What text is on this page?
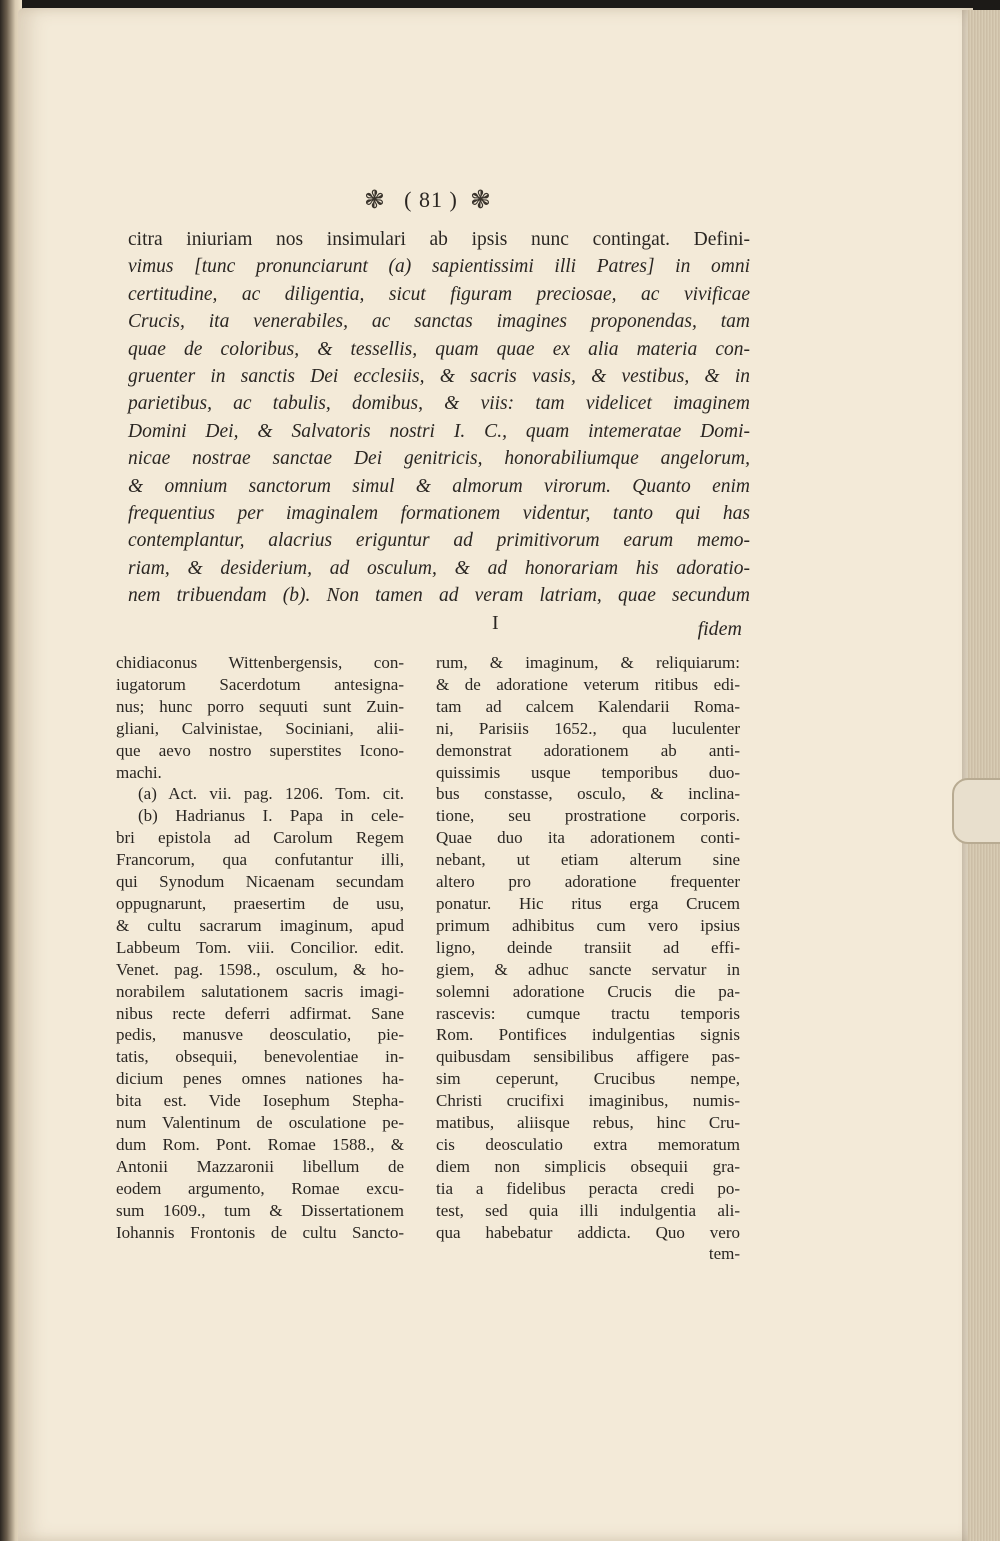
❃ ( 81 ) ❃
citra iniuriam nos insimulari ab ipsis nunc contingat. Defini-
vimus [tunc pronunciarunt (a) sapientissimi illi Patres] in omni
certitudine, ac diligentia, sicut figuram preciosae, ac vivificae
Crucis, ita venerabiles, ac sanctas imagines proponendas, tam
quae de coloribus, & tessellis, quam quae ex alia materia con-
gruenter in sanctis Dei ecclesiis, & sacris vasis, & vestibus, & in
parietibus, ac tabulis, domibus, & viis: tam videlicet imaginem
Domini Dei, & Salvatoris nostri I. C., quam intemeratae Domi-
nicae nostrae sanctae Dei genitricis, honorabiliumque angelorum,
& omnium sanctorum simul & almorum virorum. Quanto enim
frequentius per imaginalem formationem videntur, tanto qui has
contemplantur, alacrius eriguntur ad primitivorum earum memo-
riam, & desiderium, ad osculum, & ad honorariam his adoratio-
nem tribuendam (b). Non tamen ad veram latriam, quae secundum
I	fidem
chidiaconus Wittenbergensis, con-
iugatorum Sacerdotum antesigna-
nus; hunc porro sequuti sunt Zuin-
gliani, Calvinistae, Sociniani, alii-
que aevo nostro superstites Icono-
machi.
(a) Act. vii. pag. 1206. Tom. cit.
(b) Hadrianus I. Papa in cele-
bri epistola ad Carolum Regem
Francorum, qua confutantur illi,
qui Synodum Nicaenam secundam
oppugnarunt, praesertim de usu,
& cultu sacrarum imaginum, apud
Labbeum Tom. viii. Concilior. edit.
Venet. pag. 1598., osculum, & ho-
norabilem salutationem sacris imagi-
nibus recte deferri adfirmat. Sane
pedis, manusve deosculatio, pie-
tatis, obsequii, benevolentiae in-
dicium penes omnes nationes ha-
bita est. Vide Iosephum Stepha-
num Valentinum de osculatione pe-
dum Rom. Pont. Romae 1588., &
Antonii Mazzaronii libellum de
eodem argumento, Romae excu-
sum 1609., tum & Dissertationem
Iohannis Frontonis de cultu Sancto-
rum, & imaginum, & reliquiarum:
& de adoratione veterum ritibus edi-
tam ad calcem Kalendarii Roma-
ni, Parisiis 1652., qua luculenter
demonstrat adorationem ab anti-
quissimis usque temporibus duo-
bus constasse, osculo, & inclina-
tione, seu prostratione corporis.
Quae duo ita adorationem conti-
nebant, ut etiam alterum sine
altero pro adoratione frequenter
ponatur. Hic ritus erga Crucem
primum adhibitus cum vero ipsius
ligno, deinde transiit ad effi-
giem, & adhuc sancte servatur in
solemni adoratione Crucis die pa-
rascevis: cumque tractu temporis
Rom. Pontifices indulgentias signis
quibusdam sensibilibus affigere pas-
sim ceperunt, Crucibus nempe,
Christi crucifixi imaginibus, numis-
matibus, aliisque rebus, hinc Cru-
cis deosculatio extra memoratum
diem non simplicis obsequii gra-
tia a fidelibus peracta credi po-
test, sed quia illi indulgentia ali-
qua habebatur addicta. Quo vero
tem-
